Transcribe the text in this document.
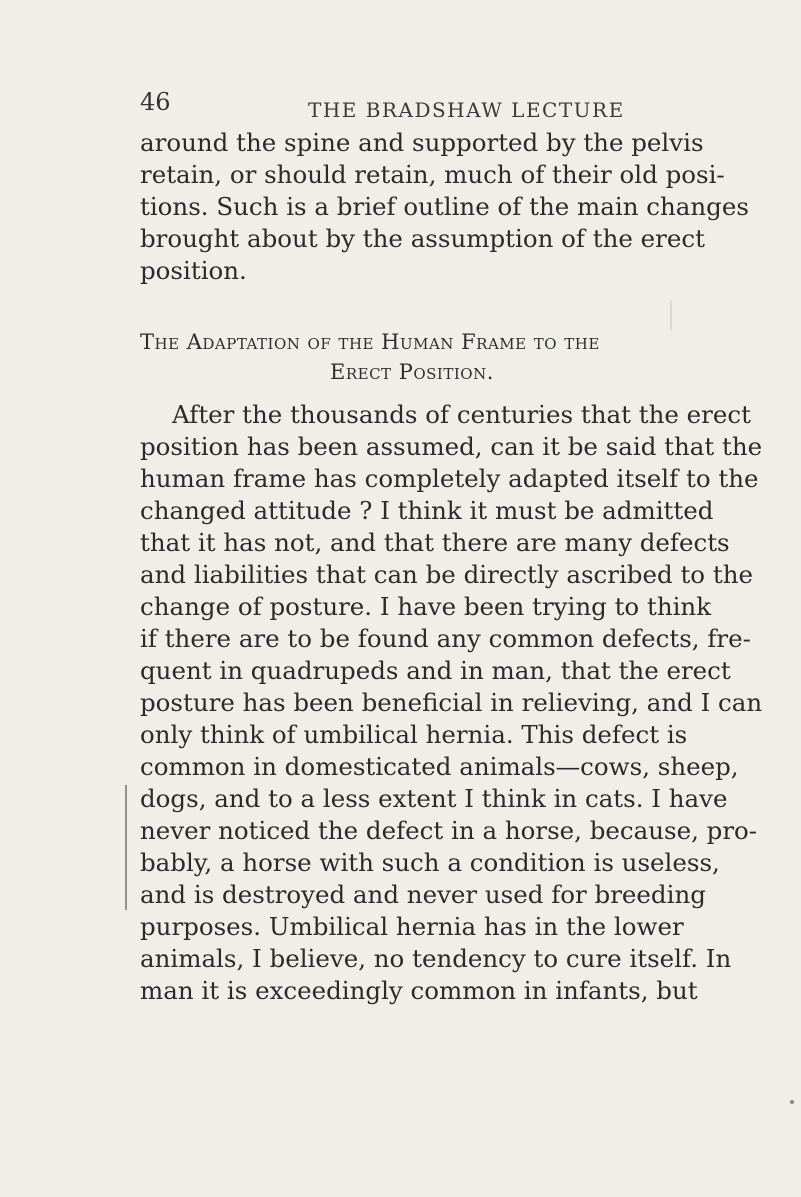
46	THE BRADSHAW LECTURE
around the spine and supported by the pelvis
retain, or should retain, much of their old posi-
tions. Such is a brief outline of the main changes
brought about by the assumption of the erect
position.
The Adaptation of the Human Frame to the
Erect Position.
After the thousands of centuries that the erect
position has been assumed, can it be said that the
human frame has completely adapted itself to the
changed attitude ? I think it must be admitted
that it has not, and that there are many defects
and liabilities that can be directly ascribed to the
change of posture. I have been trying to think
if there are to be found any common defects, fre-
quent in quadrupeds and in man, that the erect
posture has been beneficial in relieving, and I can
only think of umbilical hernia. This defect is
common in domesticated animals—cows, sheep,
dogs, and to a less extent I think in cats. I have
never noticed the defect in a horse, because, pro-
bably, a horse with such a condition is useless,
and is destroyed and never used for breeding
purposes. Umbilical hernia has in the lower
animals, I believe, no tendency to cure itself. In
man it is exceedingly common in infants, but
